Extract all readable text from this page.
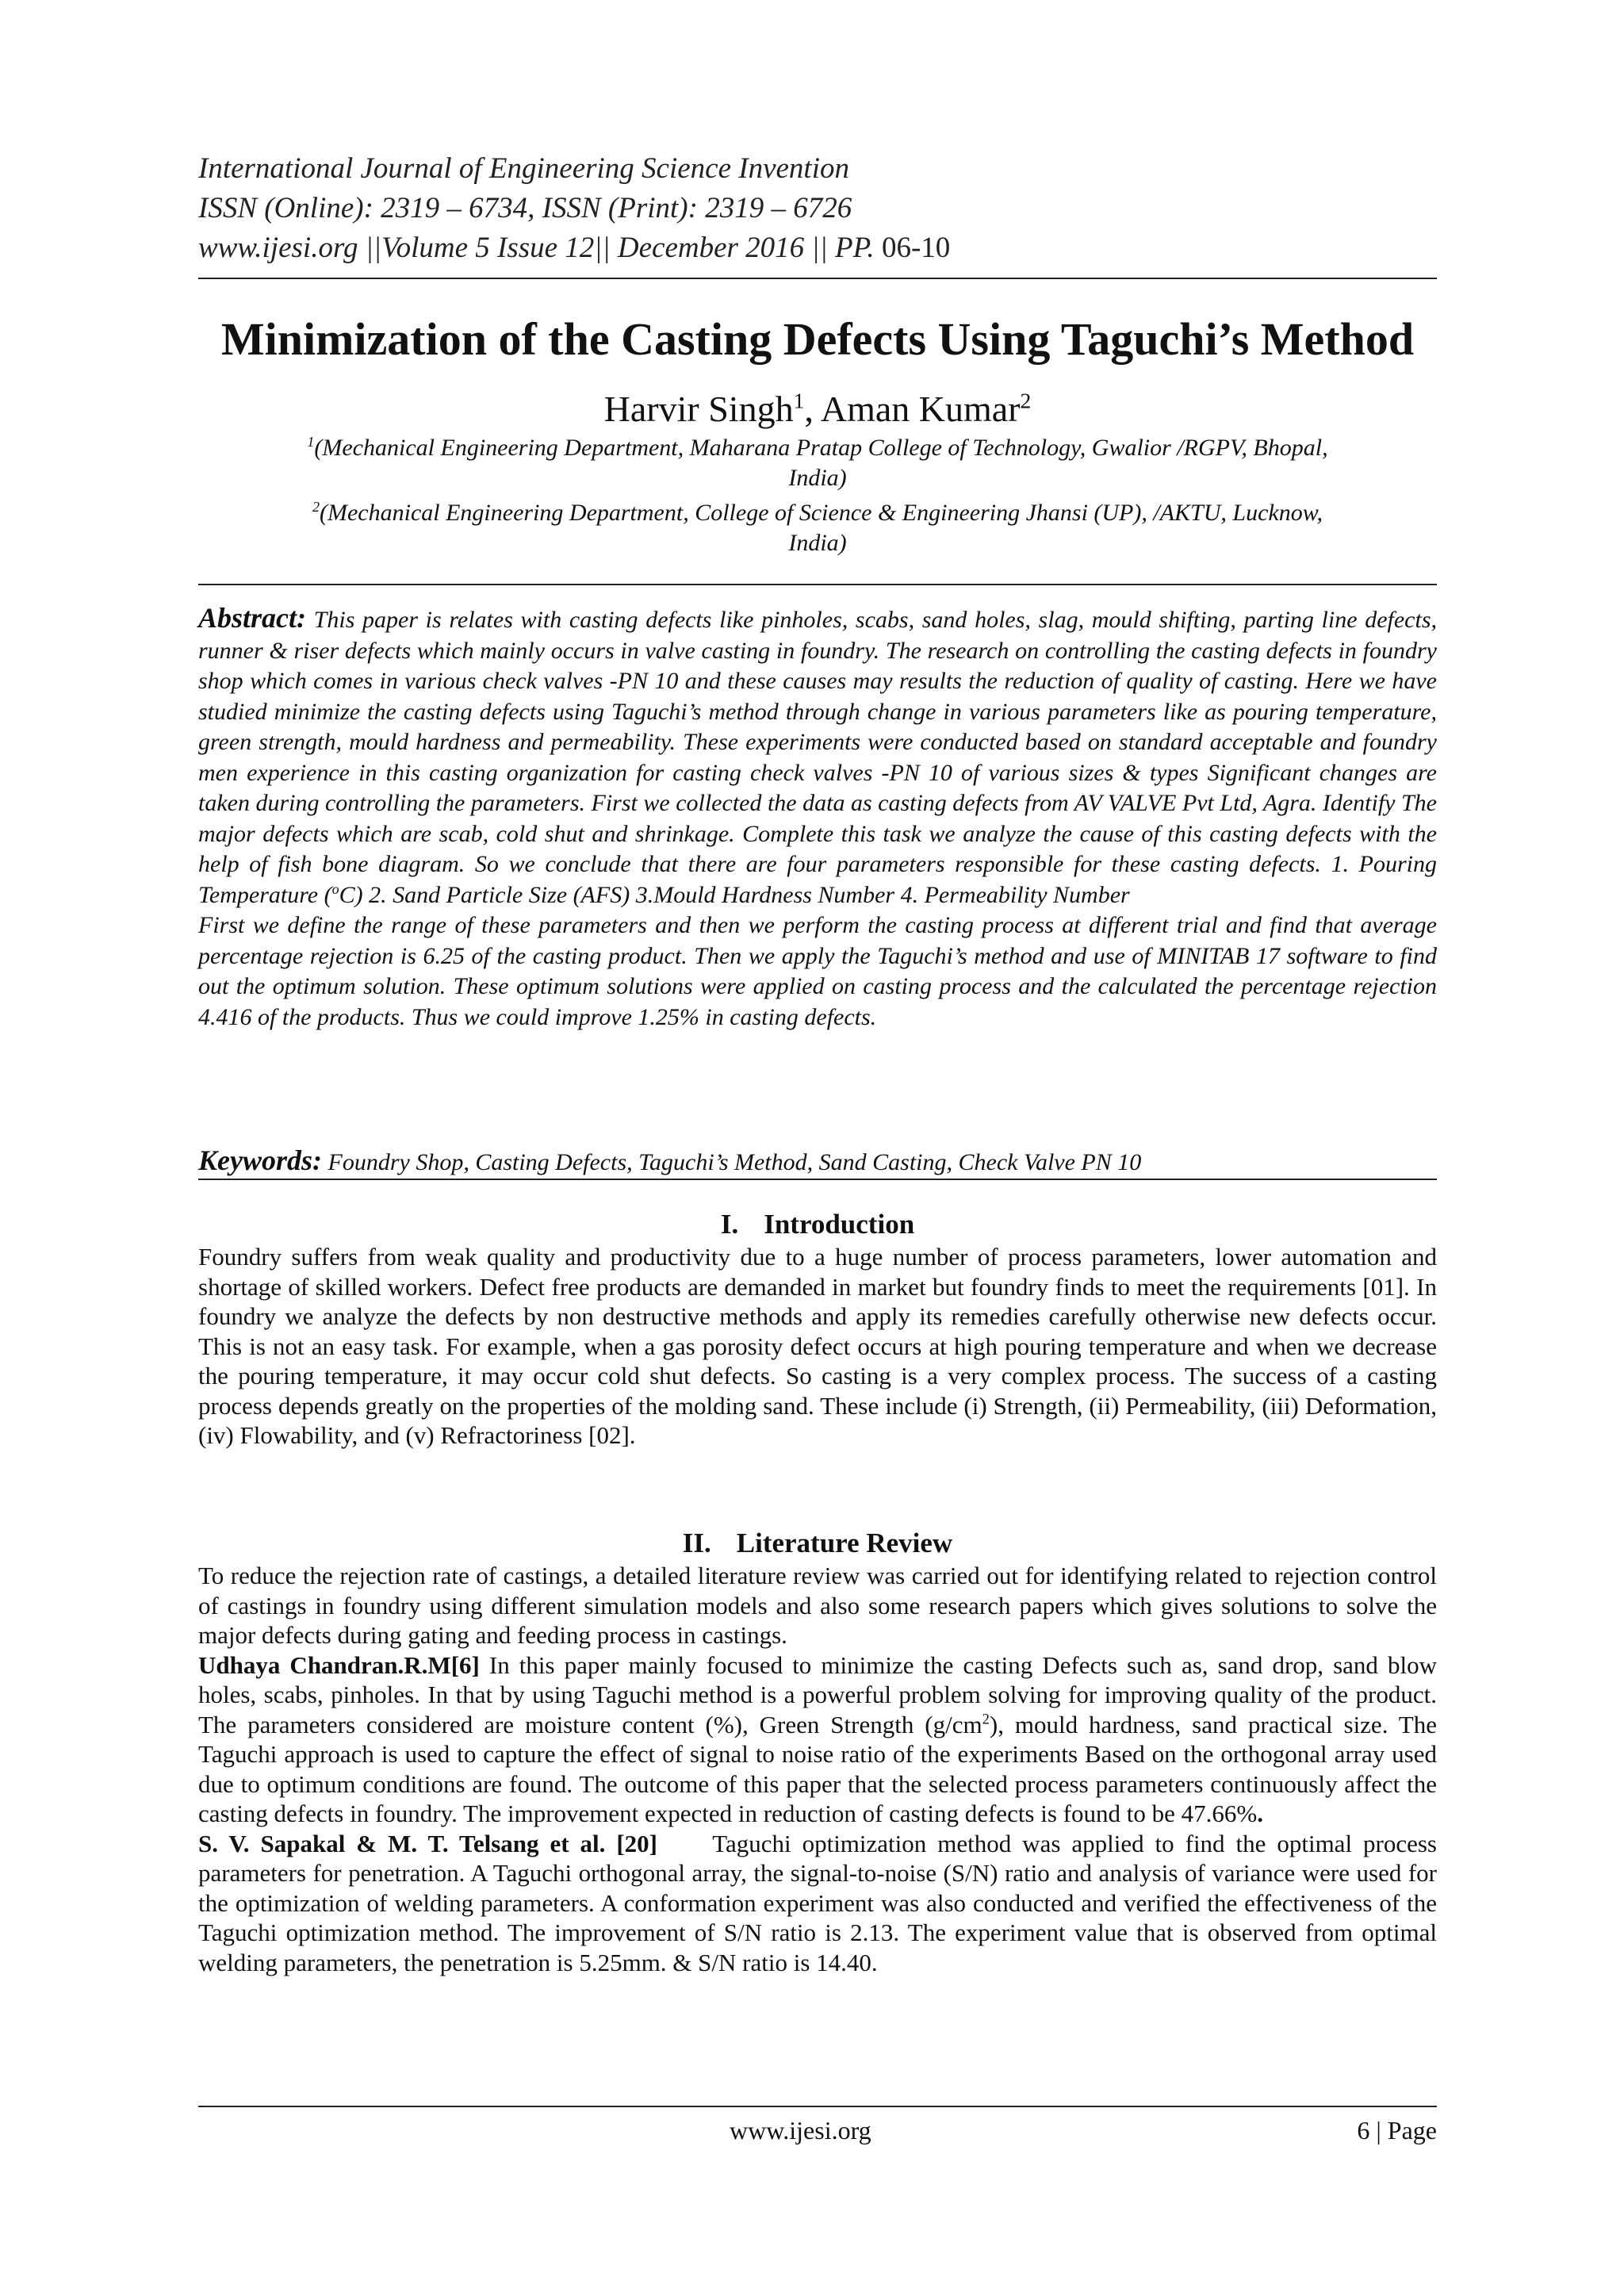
International Journal of Engineering Science Invention
ISSN (Online): 2319 – 6734, ISSN (Print): 2319 – 6726
www.ijesi.org ||Volume 5 Issue 12|| December 2016 || PP. 06-10
Minimization of the Casting Defects Using Taguchi’s Method
Harvir Singh$^1$, Aman Kumar$^2$
$^1$(Mechanical Engineering Department, Maharana Pratap College of Technology, Gwalior /RGPV, Bhopal,
India)
$^2$(Mechanical Engineering Department, College of Science & Engineering Jhansi (UP), /AKTU, Lucknow,
India)

Abstract: This paper is relates with casting defects like pinholes, scabs, sand holes, slag, mould shifting, parting line defects, runner & riser defects which mainly occurs in valve casting in foundry. The research on controlling the casting defects in foundry shop which comes in various check valves -PN 10 and these causes may results the reduction of quality of casting. Here we have studied minimize the casting defects using Taguchi’s method through change in various parameters like as pouring temperature, green strength, mould hardness and permeability. These experiments were conducted based on standard acceptable and foundry men experience in this casting organization for casting check valves -PN 10 of various sizes & types Significant changes are taken during controlling the parameters. First we collected the data as casting defects from AV VALVE Pvt Ltd, Agra. Identify The major defects which are scab, cold shut and shrinkage. Complete this task we analyze the cause of this casting defects with the help of fish bone diagram. So we conclude that there are four parameters responsible for these casting defects. 1. Pouring Temperature ($^o$C) 2. Sand Particle Size (AFS) 3.Mould Hardness Number 4. Permeability Number

First we define the range of these parameters and then we perform the casting process at different trial and find that average percentage rejection is 6.25 of the casting product. Then we apply the Taguchi’s method and use of MINITAB 17 software to find out the optimum solution. These optimum solutions were applied on casting process and the calculated the percentage rejection 4.416 of the products. Thus we could improve 1.25% in casting defects.

Keywords: Foundry Shop, Casting Defects, Taguchi’s Method, Sand Casting, Check Valve PN 10
I. Introduction

Foundry suffers from weak quality and productivity due to a huge number of process parameters, lower automation and shortage of skilled workers. Defect free products are demanded in market but foundry finds to meet the requirements [01]. In foundry we analyze the defects by non destructive methods and apply its remedies carefully otherwise new defects occur. This is not an easy task. For example, when a gas porosity defect occurs at high pouring temperature and when we decrease the pouring temperature, it may occur cold shut defects. So casting is a very complex process. The success of a casting process depends greatly on the properties of the molding sand. These include (i) Strength, (ii) Permeability, (iii) Deformation, (iv) Flowability, and (v) Refractoriness [02].

II. Literature Review

To reduce the rejection rate of castings, a detailed literature review was carried out for identifying related to rejection control of castings in foundry using different simulation models and also some research papers which gives solutions to solve the major defects during gating and feeding process in castings.

Udhaya Chandran.R.M[6] In this paper mainly focused to minimize the casting Defects such as, sand drop, sand blow holes, scabs, pinholes. In that by using Taguchi method is a powerful problem solving for improving quality of the product. The parameters considered are moisture content (%), Green Strength $(g/cm^2)$, mould hardness, sand practical size. The Taguchi approach is used to capture the effect of signal to noise ratio of the experiments Based on the orthogonal array used due to optimum conditions are found. The outcome of this paper that the selected process parameters continuously affect the casting defects in foundry. The improvement expected in reduction of casting defects is found to be 47.66%.

S. V. Sapakal & M. T. Telsang et al. [20]     Taguchi optimization method was applied to find the optimal process parameters for penetration. A Taguchi orthogonal array, the signal-to-noise (S/N) ratio and analysis of variance were used for the optimization of welding parameters. A conformation experiment was also conducted and verified the effectiveness of the Taguchi optimization method. The improvement of S/N ratio is 2.13. The experiment value that is observed from optimal welding parameters, the penetration is 5.25mm. & S/N ratio is 14.40.

www.ijesi.org	6 | Page
